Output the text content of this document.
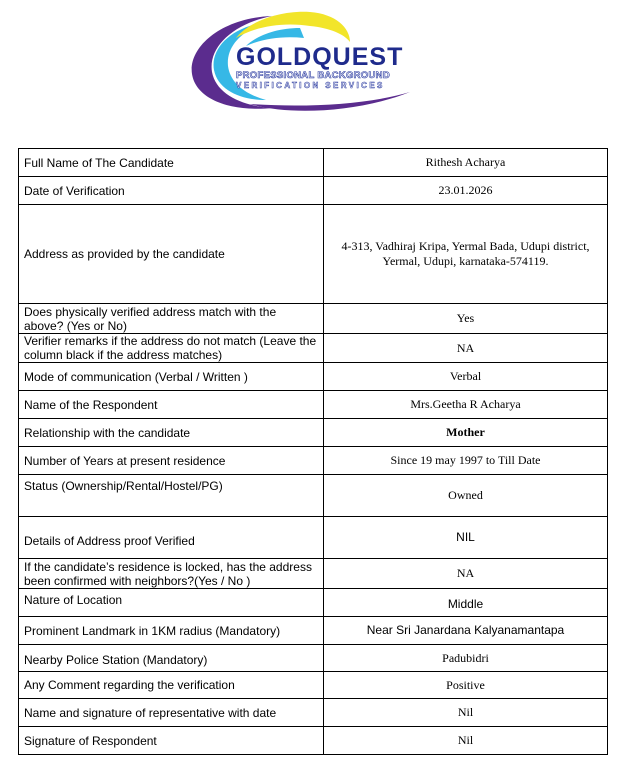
GOLDQUEST
PROFESSIONAL BACKGROUND
VERIFICATION SERVICES
Full Name of The Candidate	Rithesh Acharya
Date of Verification	23.01.2026
Address as provided by the candidate	4-313, Vadhiraj Kripa, Yermal Bada, Udupi district, Yermal, Udupi, karnataka-574119.
Does physically verified address match with the above? (Yes or No)	Yes
Verifier remarks if the address do not match (Leave the column black if the address matches)	NA
Mode of communication (Verbal / Written )	Verbal
Name of the Respondent	Mrs.Geetha R Acharya
Relationship with the candidate	Mother
Number of Years at present residence	Since 19 may 1997 to Till Date
Status (Ownership/Rental/Hostel/PG)	Owned
Details of Address proof Verified	NIL
If the candidate’s residence is locked, has the address been confirmed with neighbors?(Yes / No )	NA
Nature of Location	Middle
Prominent Landmark in 1KM radius (Mandatory)	Near Sri Janardana Kalyanamantapa
Nearby Police Station (Mandatory)	Padubidri
Any Comment regarding the verification	Positive
Name and signature of representative with date	Nil
Signature of Respondent	Nil
